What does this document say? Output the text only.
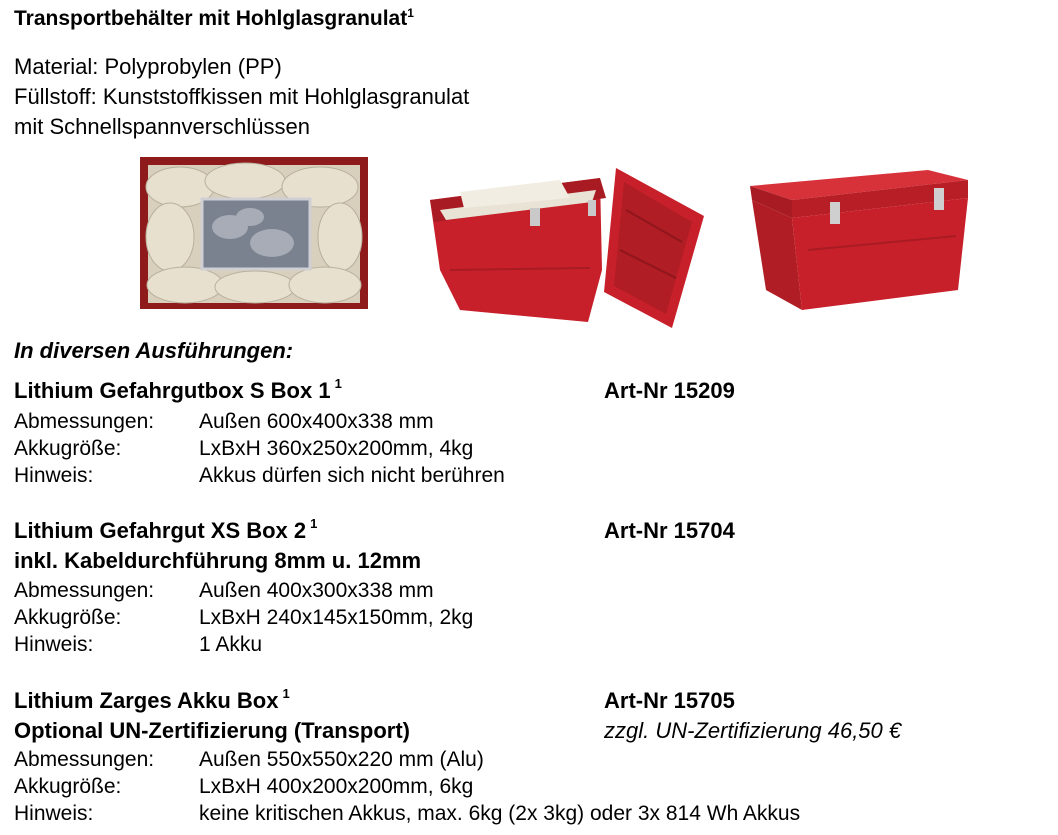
Transportbehälter mit Hohlglasgranulat$^1$
Material: Polyprobylen (PP)
Füllstoff: Kunststoffkissen mit Hohlglasgranulat
mit Schnellspannverschlüssen
In diversen Ausführungen:
Lithium Gefahrgutbox S Box 1 $^1$	Art-Nr 15209
Abmessungen: Außen 600x400x338 mm
Akkugröße:	LxBxH 360x250x200mm, 4kg
Hinweis:	Akkus dürfen sich nicht berühren
Lithium Gefahrgut XS Box 2 $^1$	Art-Nr 15704
inkl. Kabeldurchführung 8mm u. 12mm
Abmessungen: Außen 400x300x338 mm
Akkugröße:	LxBxH 240x145x150mm, 2kg
Hinweis:	1 Akku
Lithium Zarges Akku Box $^1$	Art-Nr 15705
Optional UN-Zertifizierung (Transport)	zzgl. UN-Zertifizierung 46,50 €
Abmessungen: Außen 550x550x220 mm (Alu)
Akkugröße:	LxBxH 400x200x200mm, 6kg
Hinweis:	keine kritischen Akkus, max. 6kg (2x 3kg) oder 3x 814 Wh Akkus
